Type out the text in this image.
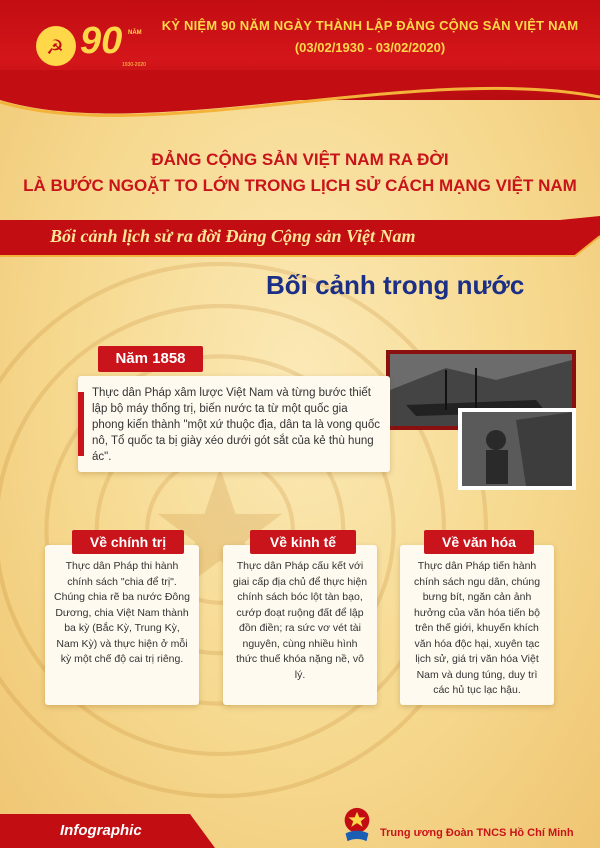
☭ 90 NĂM
1930-2020
KỶ NIỆM 90 NĂM NGÀY THÀNH LẬP ĐẢNG CỘNG SẢN VIỆT NAM
(03/02/1930 - 03/02/2020)
ĐẢNG CỘNG SẢN VIỆT NAM RA ĐỜI
LÀ BƯỚC NGOẶT TO LỚN TRONG LỊCH SỬ CÁCH MẠNG VIỆT NAM
Bối cảnh lịch sử ra đời Đảng Cộng sản Việt Nam
Bối cảnh trong nước

Thực dân Pháp xâm lược Việt Nam và từng bước thiết lập bộ máy thống trị, biến nước ta từ một quốc gia phong kiến thành "một xứ thuộc địa, dân ta là vong quốc nô, Tổ quốc ta bị giày xéo dưới gót sắt của kẻ thù hung ác".

Năm 1858

Thực dân Pháp thi hành chính sách "chia để trị". Chúng chia rẽ ba nước Đông Dương, chia Việt Nam thành ba kỳ (Bắc Kỳ, Trung Kỳ, Nam Kỳ) và thực hiện ở mỗi kỳ một chế độ cai trị riêng.

Về chính trị

Thực dân Pháp cấu kết với giai cấp địa chủ để thực hiện chính sách bóc lột tàn bạo, cướp đoạt ruộng đất để lập đồn điền; ra sức vơ vét tài nguyên, cùng nhiều hình thức thuế khóa nặng nề, vô lý.

Về kinh tế

Thực dân Pháp tiến hành chính sách ngu dân, chúng bưng bít, ngăn cản ảnh hưởng của văn hóa tiến bộ trên thế giới, khuyến khích văn hóa độc hại, xuyên tạc lịch sử, giá trị văn hóa Việt Nam và dung túng, duy trì các hủ tục lạc hậu.

Về văn hóa
Infographic	Trung ương Đoàn TNCS Hồ Chí Minh
